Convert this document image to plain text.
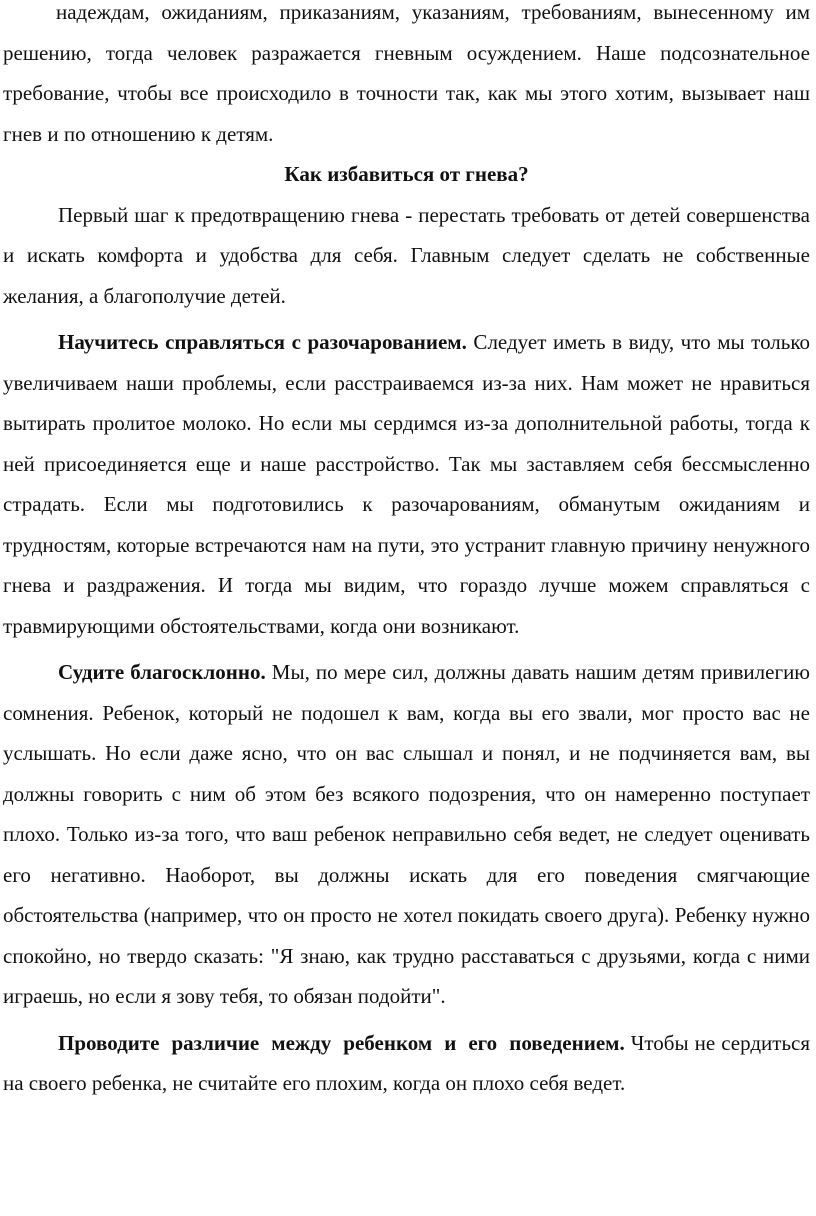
надеждам, ожиданиям, приказаниям, указаниям, требованиям, вынесенному им решению, тогда человек разражается гневным осуждением. Наше подсознательное требование, чтобы все происходило в точности так, как мы этого хотим, вызывает наш гнев и по отношению к детям.

Как избавиться от гнева?

Первый шаг к предотвращению гнева - перестать требовать от детей совершенства и искать комфорта и удобства для себя. Главным следует сделать не собственные желания, а благополучие детей.

Научитесь справляться с разочарованием. Следует иметь в виду, что мы только увеличиваем наши проблемы, если расстраиваемся из-за них. Нам может не нравиться вытирать пролитое молоко. Но если мы сердимся из-за дополнительной работы, тогда к ней присоединяется еще и наше расстройство. Так мы заставляем себя бессмысленно страдать. Если мы подготовились к разочарованиям, обманутым ожиданиям и трудностям, которые встречаются нам на пути, это устранит главную причину ненужного гнева и раздражения. И тогда мы видим, что гораздо лучше можем справляться с травмирующими обстоятельствами, когда они возникают.

Судите благосклонно. Мы, по мере сил, должны давать нашим детям привилегию сомнения. Ребенок, который не подошел к вам, когда вы его звали, мог просто вас не услышать. Но если даже ясно, что он вас слышал и понял, и не подчиняется вам, вы должны говорить с ним об этом без всякого подозрения, что он намеренно поступает плохо. Только из-за того, что ваш ребенок неправильно себя ведет, не следует оценивать его негативно. Наоборот, вы должны искать для его поведения смягчающие обстоятельства (например, что он просто не хотел покидать своего друга). Ребенку нужно спокойно, но твердо сказать: "Я знаю, как трудно расставаться с друзьями, когда с ними играешь, но если я зову тебя, то обязан подойти".

Проводите различие между ребенком и его поведением. Чтобы не сердиться на своего ребенка, не считайте его плохим, когда он плохо себя ведет.
